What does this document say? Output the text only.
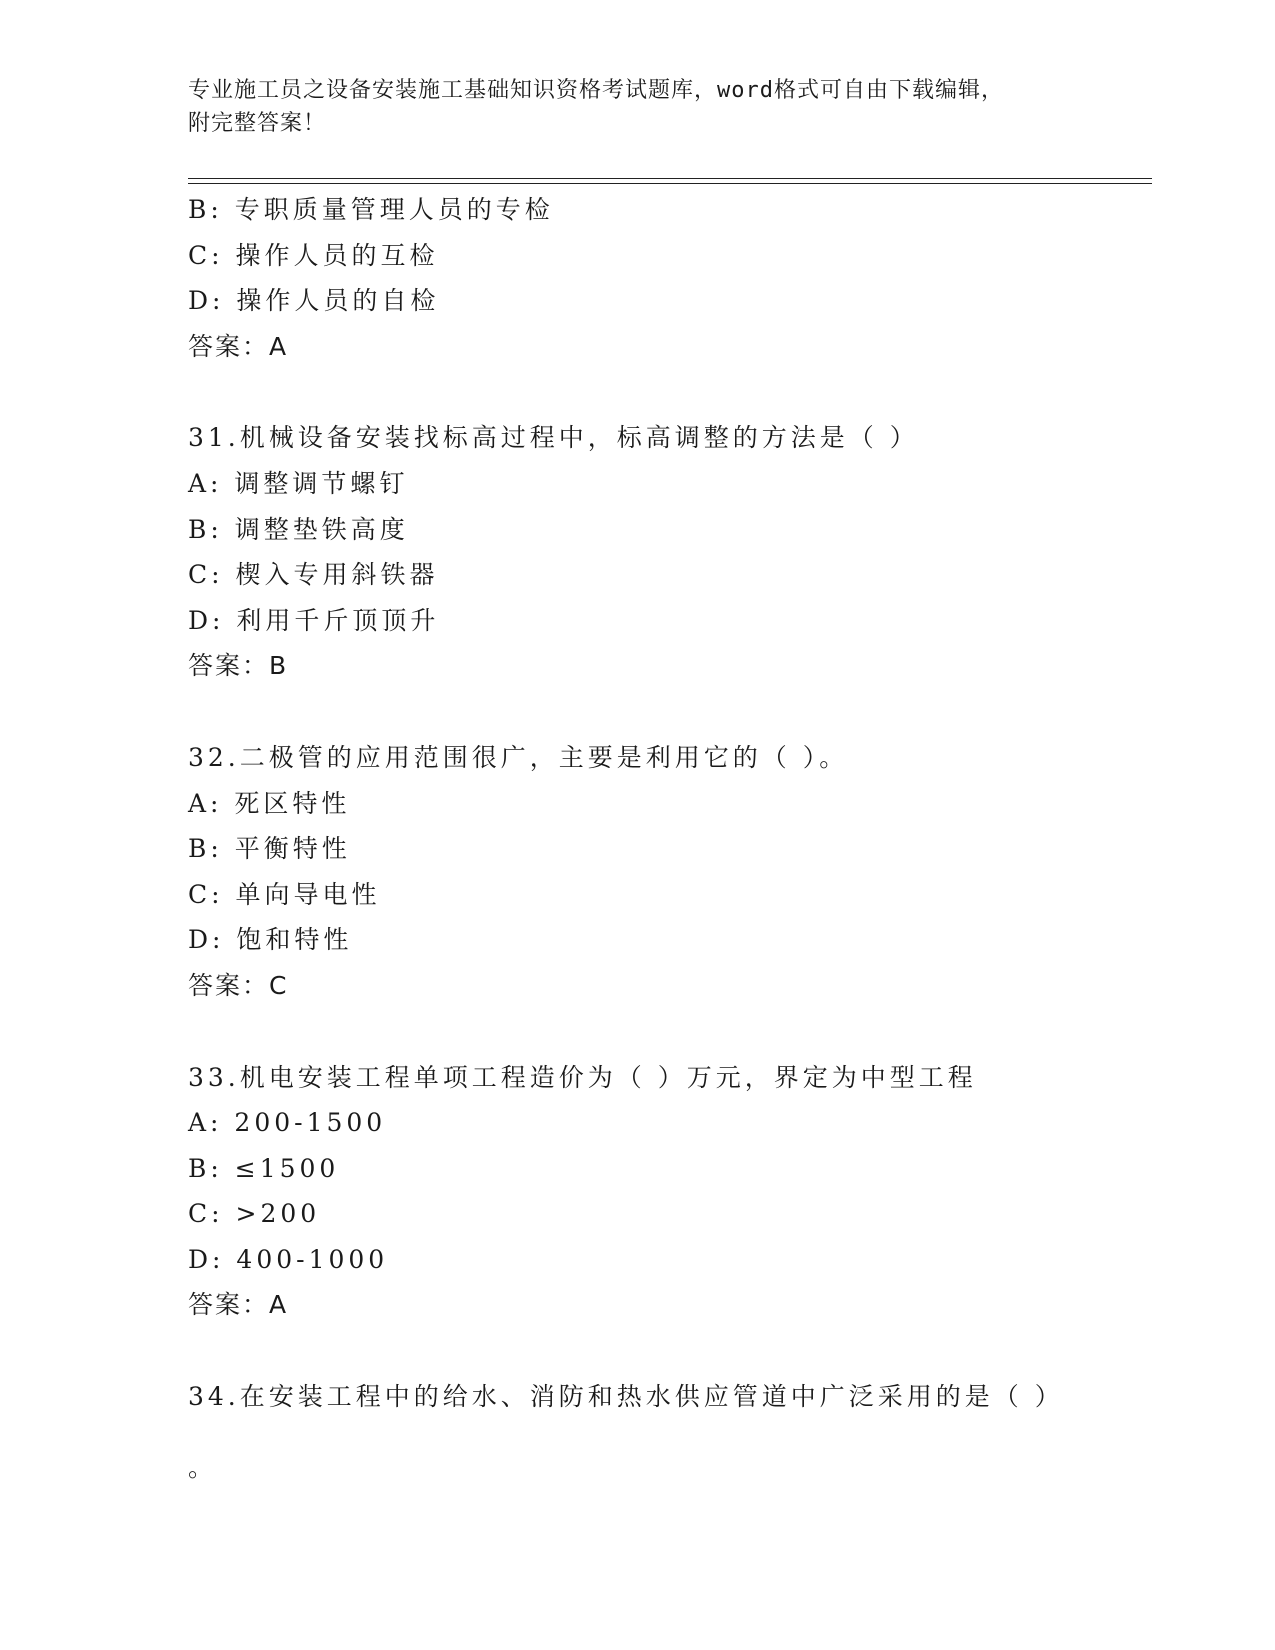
专业施工员之设备安装施工基础知识资格考试题库，word格式可自由下载编辑，

附完整答案！

B: 专职质量管理人员的专检

C: 操作人员的互检

D: 操作人员的自检

答案：A

31.机械设备安装找标高过程中，标高调整的方法是（ ）

A: 调整调节螺钉

B: 调整垫铁高度

C: 楔入专用斜铁器

D: 利用千斤顶顶升

答案：B

32.二极管的应用范围很广，主要是利用它的（ ）。

A: 死区特性

B: 平衡特性

C: 单向导电性

D: 饱和特性

答案：C

33.机电安装工程单项工程造价为（ ）万元，界定为中型工程

A: 200-1500

B: ≤1500

C: >200

D: 400-1000

答案：A

34.在安装工程中的给水、消防和热水供应管道中广泛采用的是（ ）

。
